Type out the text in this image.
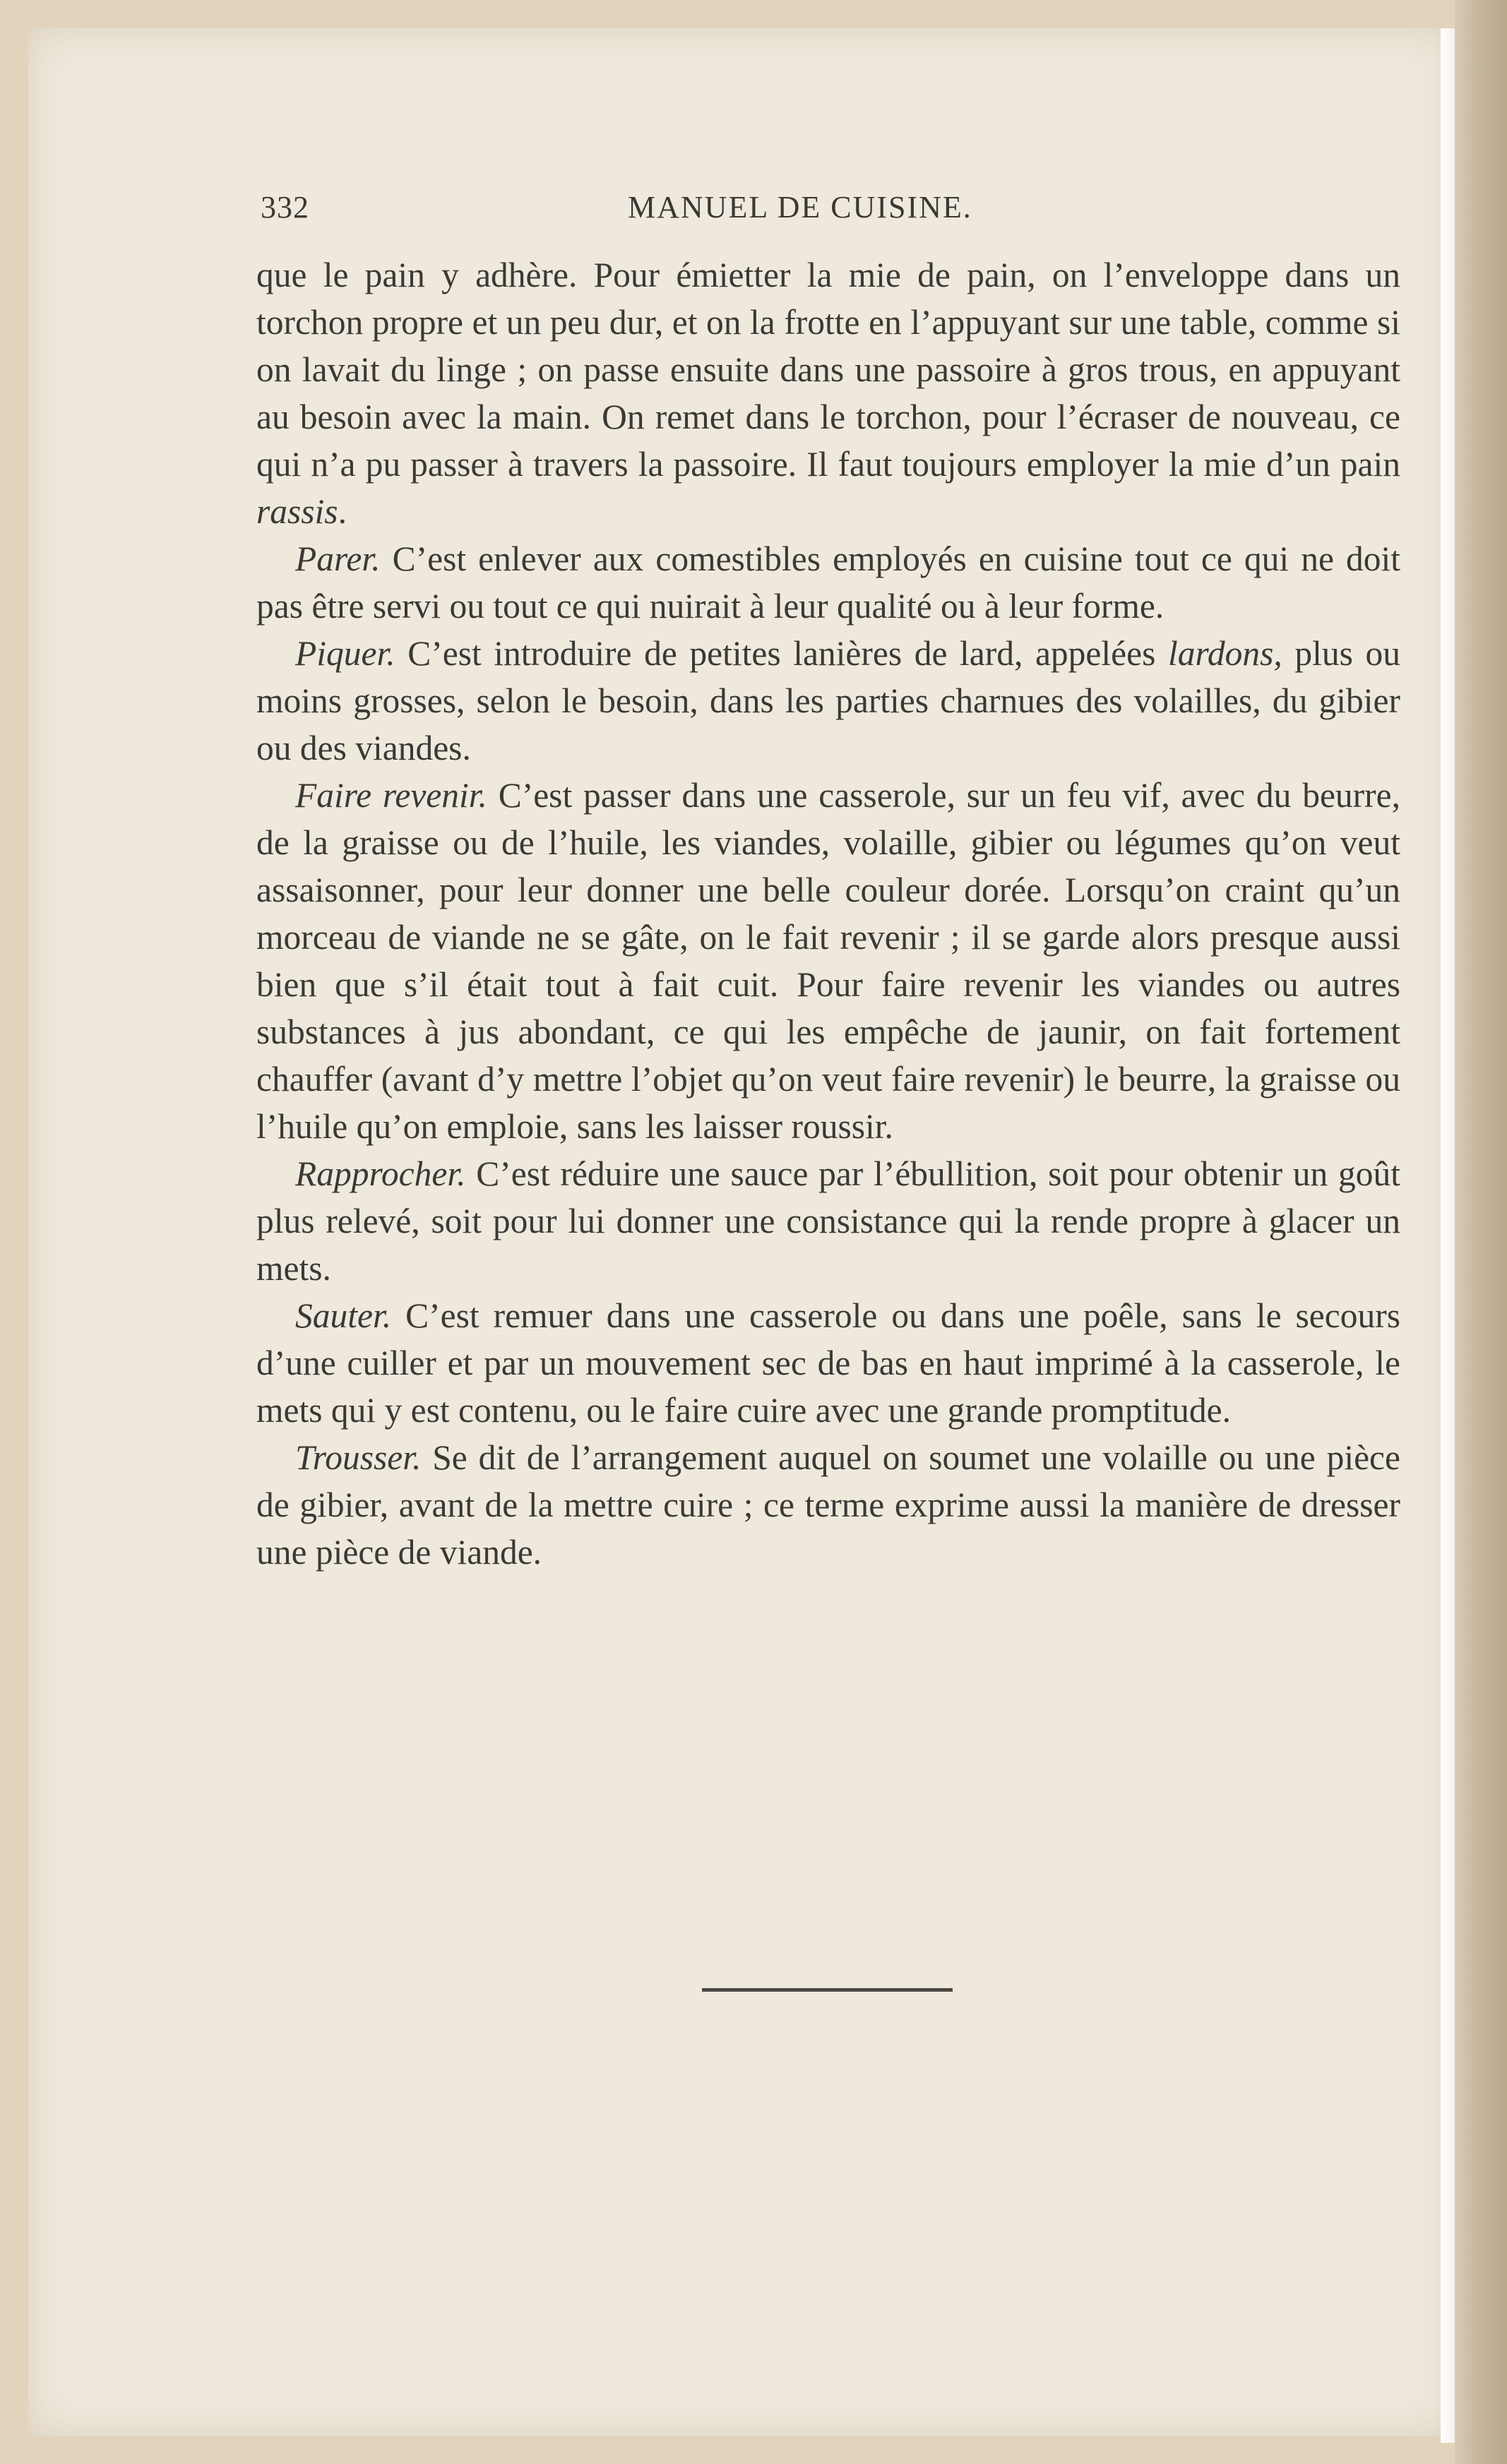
332	MANUEL DE CUISINE.

que le pain y adhère. Pour émietter la mie de pain, on l’enveloppe dans un torchon propre et un peu dur, et on la frotte en l’appuyant sur une table, comme si on lavait du linge ; on passe ensuite dans une passoire à gros trous, en appuyant au besoin avec la main. On remet dans le torchon, pour l’écraser de nouveau, ce qui n’a pu passer à travers la passoire. Il faut toujours employer la mie d’un pain rassis.

Parer. C’est enlever aux comestibles employés en cuisine tout ce qui ne doit pas être servi ou tout ce qui nuirait à leur qualité ou à leur forme.

Piquer. C’est introduire de petites lanières de lard, appelées lardons, plus ou moins grosses, selon le besoin, dans les parties charnues des volailles, du gibier ou des viandes.

Faire revenir. C’est passer dans une casserole, sur un feu vif, avec du beurre, de la graisse ou de l’huile, les viandes, volaille, gibier ou légumes qu’on veut assaisonner, pour leur donner une belle couleur dorée. Lorsqu’on craint qu’un morceau de viande ne se gâte, on le fait revenir ; il se garde alors presque aussi bien que s’il était tout à fait cuit. Pour faire revenir les viandes ou autres substances à jus abondant, ce qui les empêche de jaunir, on fait fortement chauffer (avant d’y mettre l’objet qu’on veut faire revenir) le beurre, la graisse ou l’huile qu’on emploie, sans les laisser roussir.

Rapprocher. C’est réduire une sauce par l’ébullition, soit pour obtenir un goût plus relevé, soit pour lui donner une consistance qui la rende propre à glacer un mets.

Sauter. C’est remuer dans une casserole ou dans une poêle, sans le secours d’une cuiller et par un mouvement sec de bas en haut imprimé à la casserole, le mets qui y est contenu, ou le faire cuire avec une grande promptitude.

Trousser. Se dit de l’arrangement auquel on soumet une volaille ou une pièce de gibier, avant de la mettre cuire ; ce terme exprime aussi la manière de dresser une pièce de viande.
